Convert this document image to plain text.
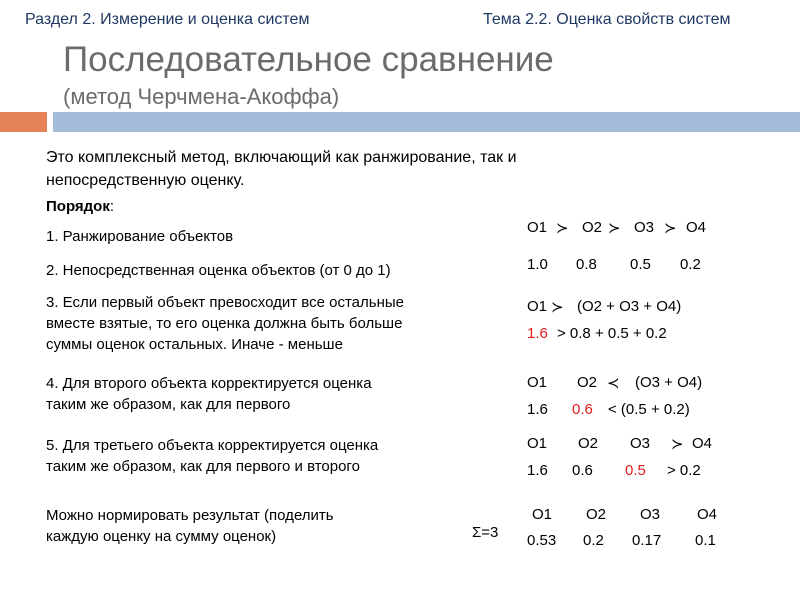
Раздел 2. Измерение и оценка систем	Тема 2.2. Оценка свойств систем
Последовательное сравнение
(метод Черчмена-Акоффа)
Это комплексный метод, включающий как ранжирование, так и
непосредственную оценку.
Порядок:
1. Ранжирование объектов
2. Непосредственная оценка объектов (от 0 до 1)
3. Если первый объект превосходит все остальные
вместе взятые, то его оценка должна быть больше
суммы оценок остальных. Иначе - меньше
4. Для второго объекта корректируется оценка
таким же образом, как для первого
5. Для третьего объекта корректируется оценка
таким же образом, как для первого и второго
Можно нормировать результат (поделить
каждую оценку на сумму оценок)
O1 ≻ O2 ≻ O3 ≻ O4
1.0 0.8 0.5 0.2
O1 ≻ (O2 + O3 + O4)
1.6 > 0.8 + 0.5 + 0.2
O1 O2 ≺ (O3 + O4)
1.6 0.6 < (0.5 + 0.2)
O1 O2 O3 ≻ O4
1.6 0.6 0.5 > 0.2
O1 O2 O3 O4
Σ=3 0.53 0.2 0.17 0.1
